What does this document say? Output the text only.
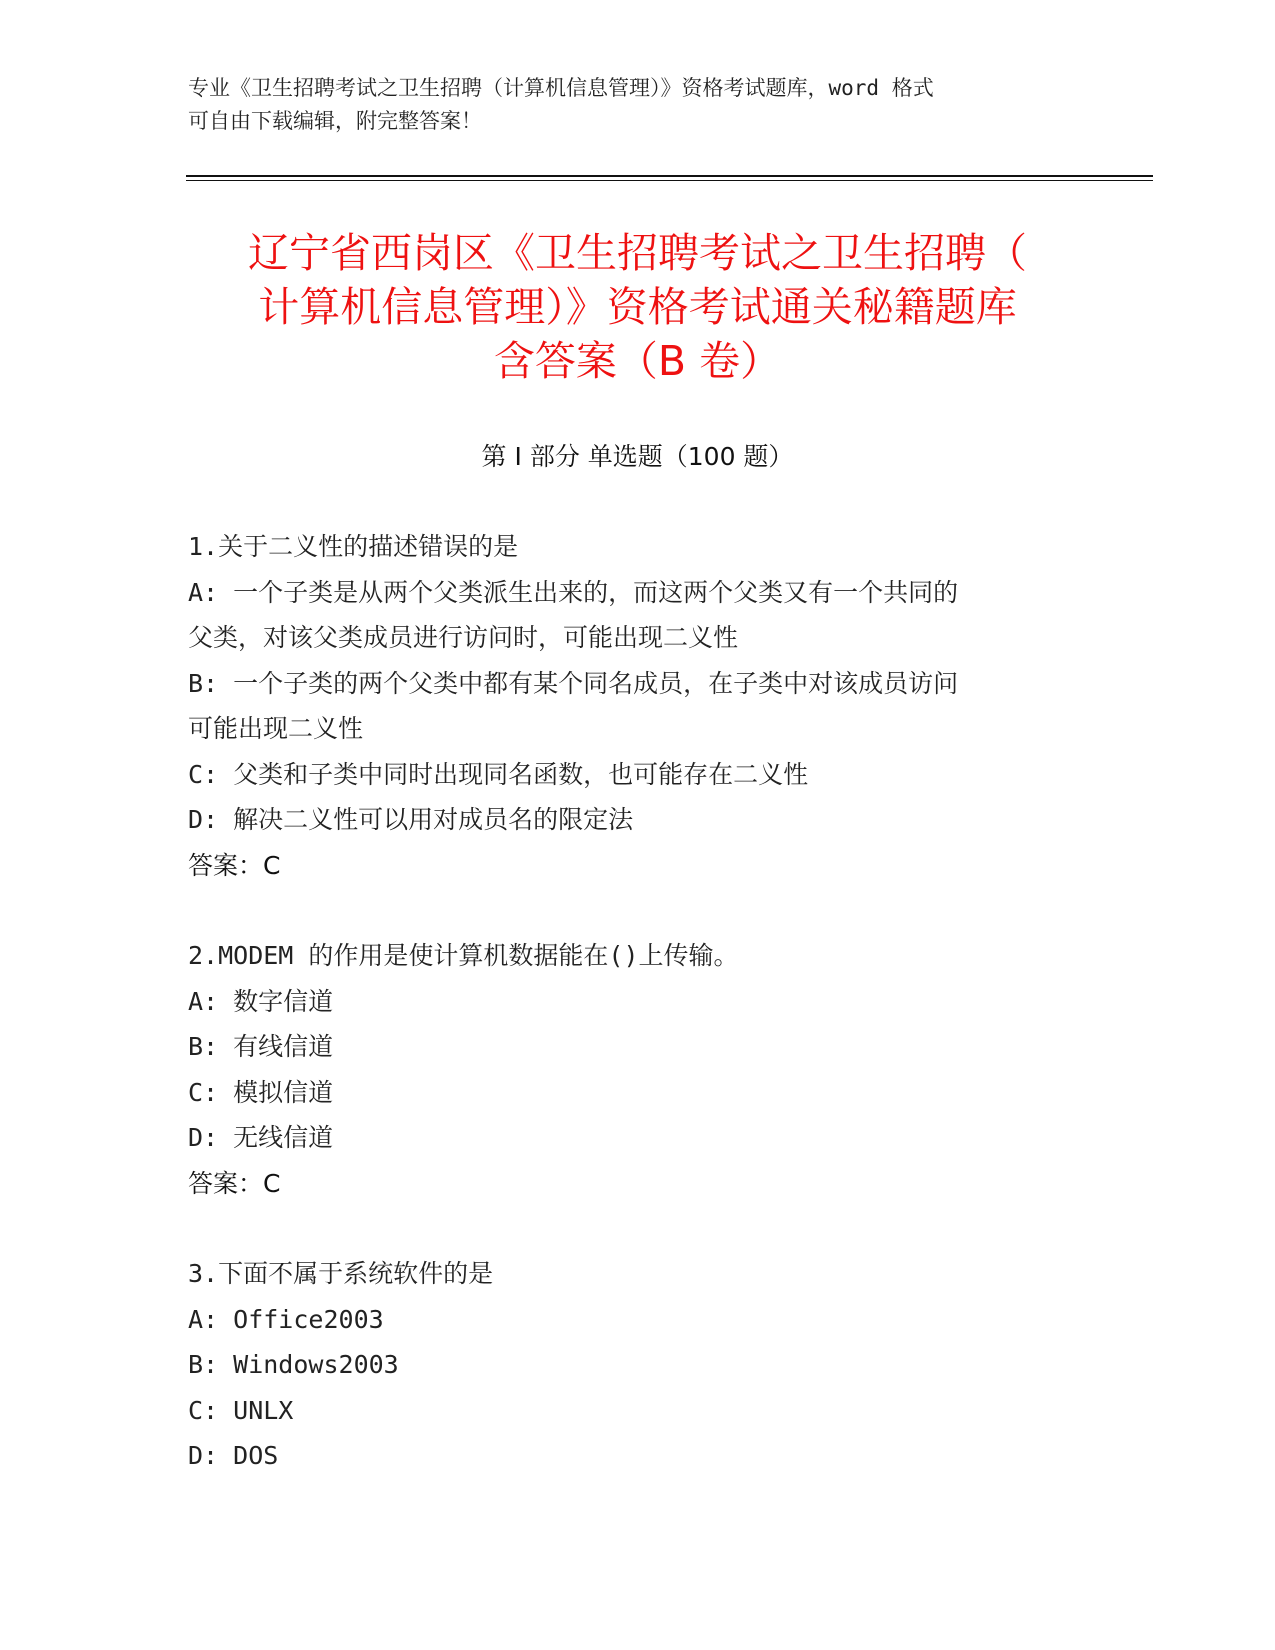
专业《卫生招聘考试之卫生招聘（计算机信息管理）》资格考试题库，word 格式
可自由下载编辑，附完整答案！
辽宁省西岗区《卫生招聘考试之卫生招聘（
计算机信息管理）》资格考试通关秘籍题库
含答案（B 卷）
第 I 部分 单选题（100 题）
1.关于二义性的描述错误的是
A: 一个子类是从两个父类派生出来的，而这两个父类又有一个共同的
父类，对该父类成员进行访问时，可能出现二义性
B: 一个子类的两个父类中都有某个同名成员，在子类中对该成员访问
可能出现二义性
C: 父类和子类中同时出现同名函数，也可能存在二义性
D: 解决二义性可以用对成员名的限定法
答案：C
2.MODEM 的作用是使计算机数据能在()上传输。
A: 数字信道
B: 有线信道
C: 模拟信道
D: 无线信道
答案：C
3.下面不属于系统软件的是
A: Office2003
B: Windows2003
C: UNLX
D: DOS
